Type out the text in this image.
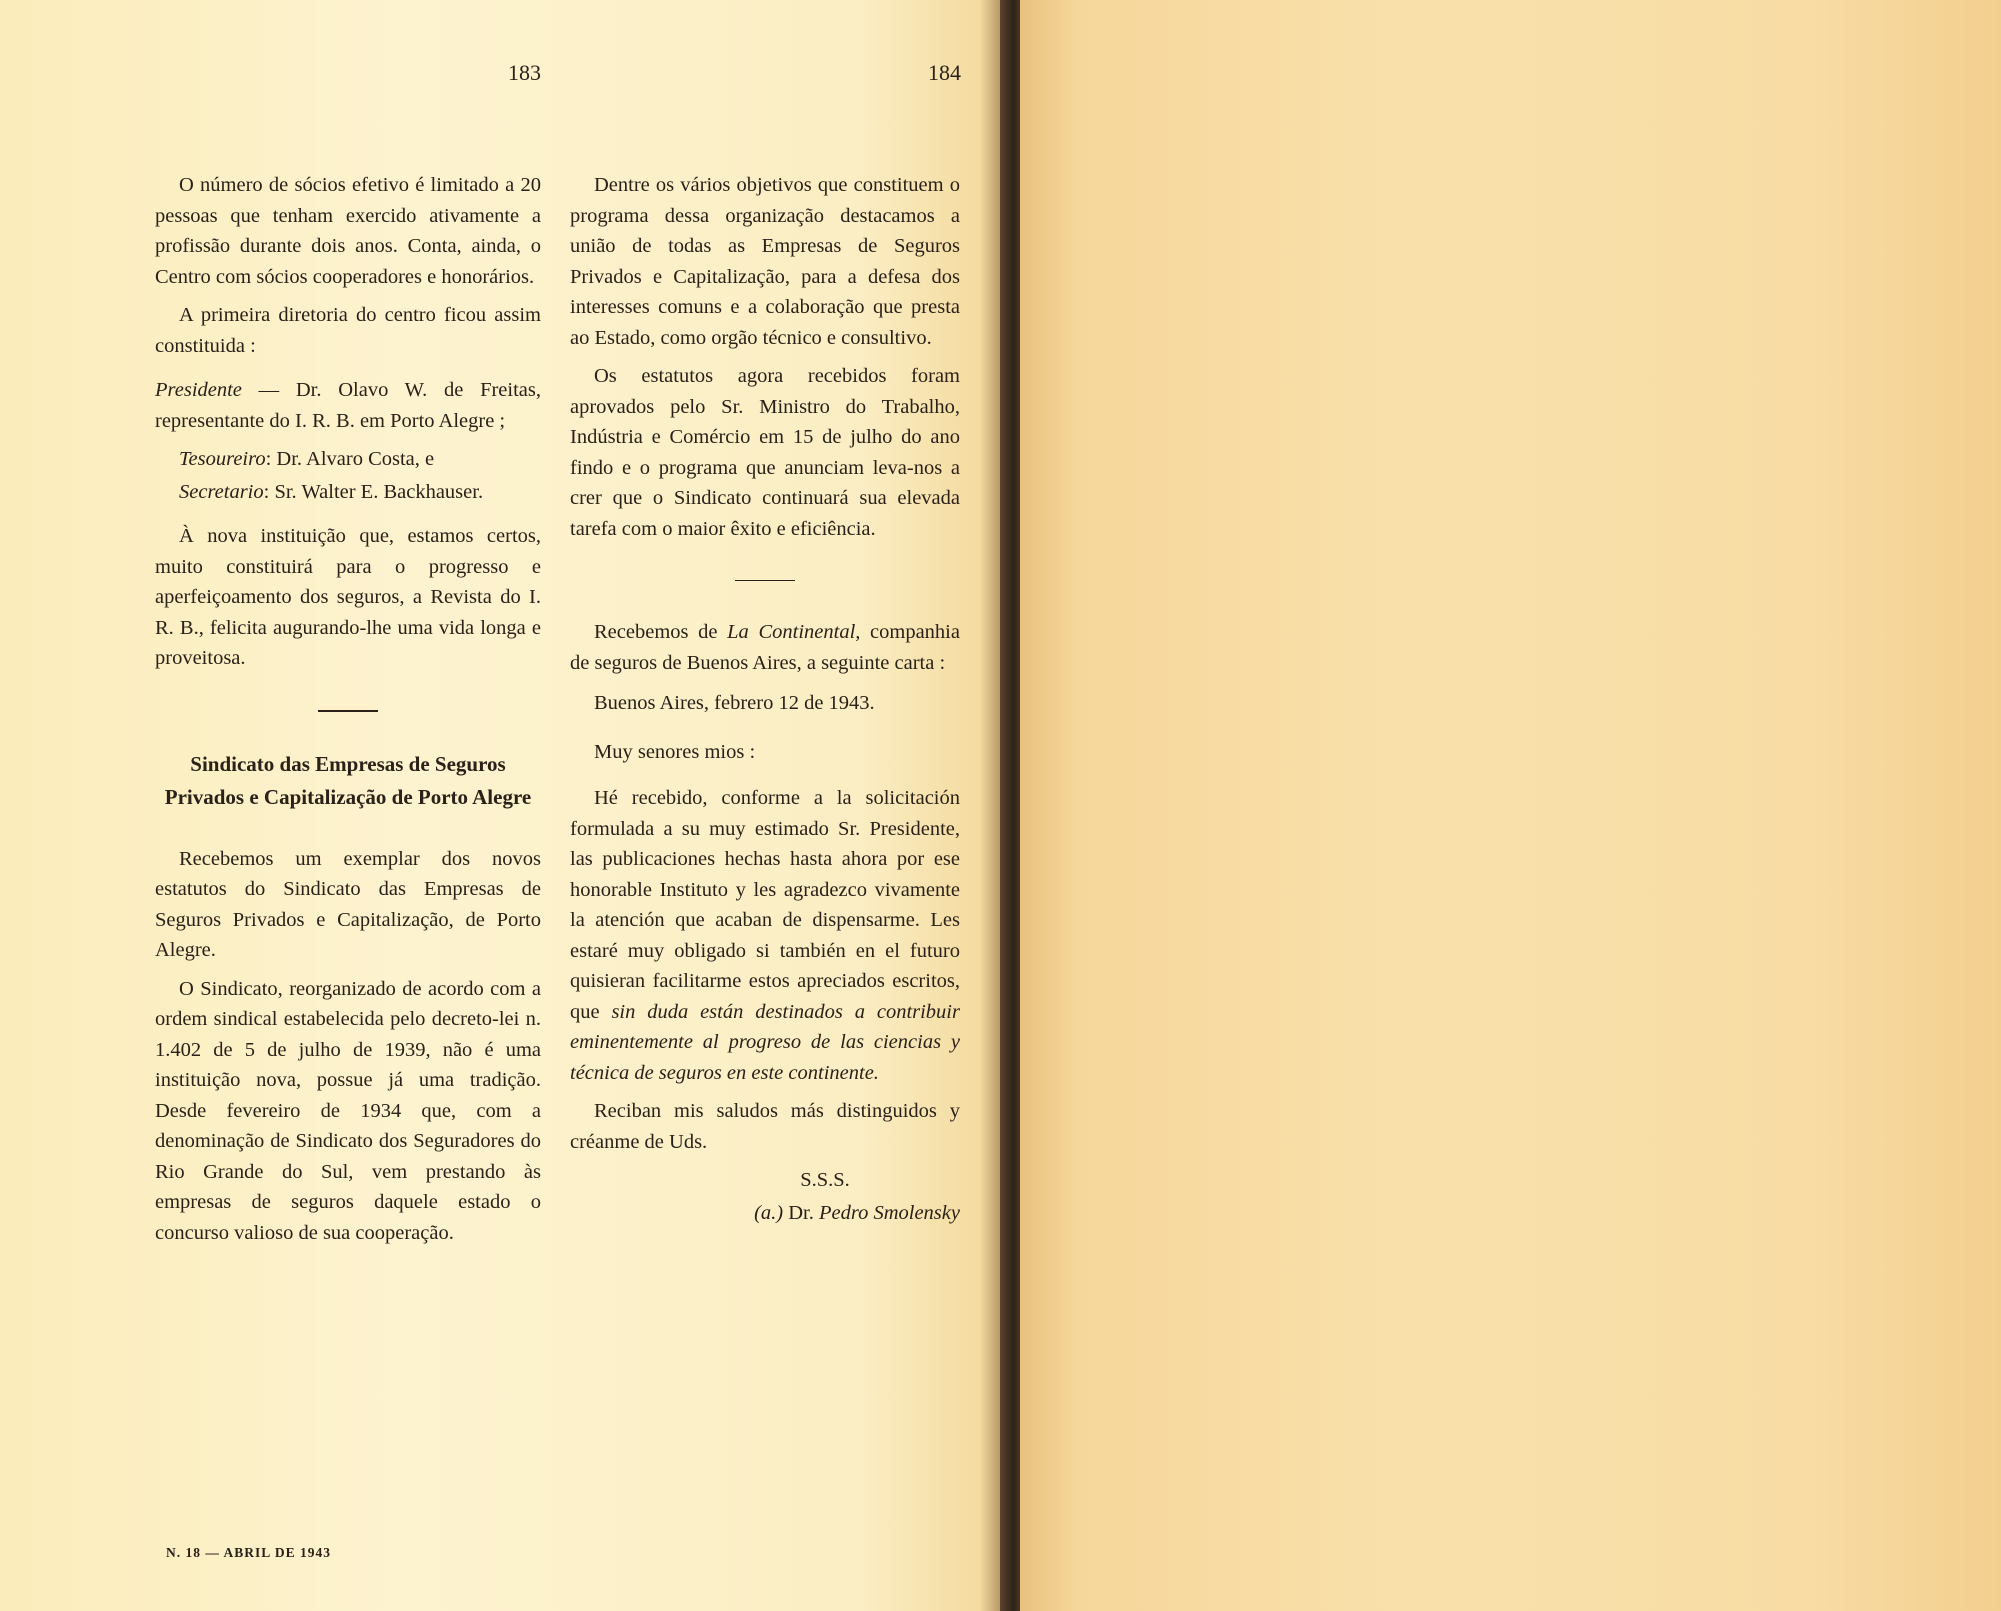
183	184

O número de sócios efetivo é limitado a 20 pessoas que tenham exercido ativamente a profissão durante dois anos. Conta, ainda, o Centro com sócios cooperadores e honorários.

A primeira diretoria do centro ficou assim constituida :

Presidente — Dr. Olavo W. de Freitas, representante do I. R. B. em Porto Alegre ;

Tesoureiro: Dr. Alvaro Costa, e

Secretario: Sr. Walter E. Backhauser.

À nova instituição que, estamos certos, muito constituirá para o progresso e aperfeiçoamento dos seguros, a Revista do I. R. B., felicita augurando-lhe uma vida longa e proveitosa.

Sindicato das Empresas de Seguros Privados e Capitalização de Porto Alegre

Recebemos um exemplar dos novos estatutos do Sindicato das Empresas de Seguros Privados e Capitalização, de Porto Alegre.

O Sindicato, reorganizado de acordo com a ordem sindical estabelecida pelo decreto-lei n. 1.402 de 5 de julho de 1939, não é uma instituição nova, possue já uma tradição. Desde fevereiro de 1934 que, com a denominação de Sindicato dos Seguradores do Rio Grande do Sul, vem prestando às empresas de seguros daquele estado o concurso valioso de sua cooperação.

Dentre os vários objetivos que constituem o programa dessa organização destacamos a união de todas as Empresas de Seguros Privados e Capitalização, para a defesa dos interesses comuns e a colaboração que presta ao Estado, como orgão técnico e consultivo.

Os estatutos agora recebidos foram aprovados pelo Sr. Ministro do Trabalho, Indústria e Comércio em 15 de julho do ano findo e o programa que anunciam leva-nos a crer que o Sindicato continuará sua elevada tarefa com o maior êxito e eficiência.

Recebemos de La Continental, companhia de seguros de Buenos Aires, a seguinte carta :

Buenos Aires, febrero 12 de 1943.

Muy senores mios :

Hé recebido, conforme a la solicitación formulada a su muy estimado Sr. Presidente, las publicaciones hechas hasta ahora por ese honorable Instituto y les agradezco vivamente la atención que acaban de dispensarme. Les estaré muy obligado si también en el futuro quisieran facilitarme estos apreciados escritos, que sin duda están destinados a contribuir eminentemente al progreso de las ciencias y técnica de seguros en este continente.

Reciban mis saludos más distinguidos y créanme de Uds.

S.S.S.

(a.) Dr. Pedro Smolensky

N. 18 — ABRIL DE 1943
